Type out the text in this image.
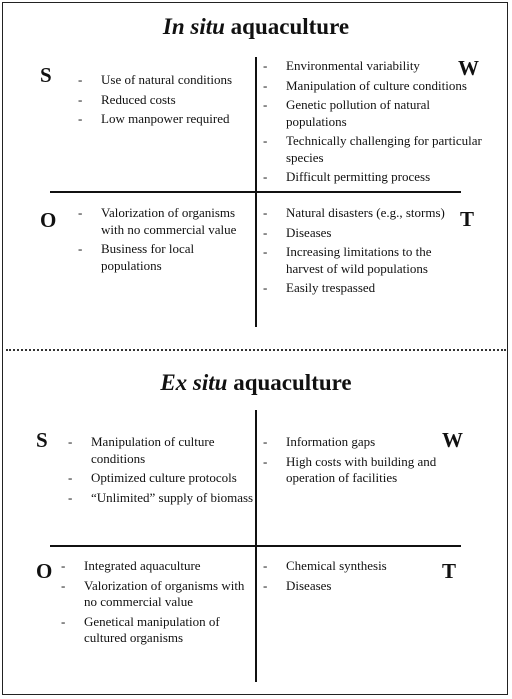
In situ aquaculture
S - Use of natural conditions
- Reduced costs
- Low manpower required
W
- Environmental variability
- Manipulation of culture conditions
- Genetic pollution of natural populations
- Technically challenging for particular species
- Difficult permitting process
O - Valorization of organisms with no commercial value
- Business for local populations
T
- Natural disasters (e.g., storms)
- Diseases
- Increasing limitations to the harvest of wild populations
- Easily trespassed
Ex situ aquaculture
S - Manipulation of culture conditions
- Optimized culture protocols
- “Unlimited” supply of biomass
W
- Information gaps
- High costs with building and operation of facilities
O - Integrated aquaculture
- Valorization of organisms with no commercial value
- Genetical manipulation of cultured organisms
T
- Chemical synthesis
- Diseases
